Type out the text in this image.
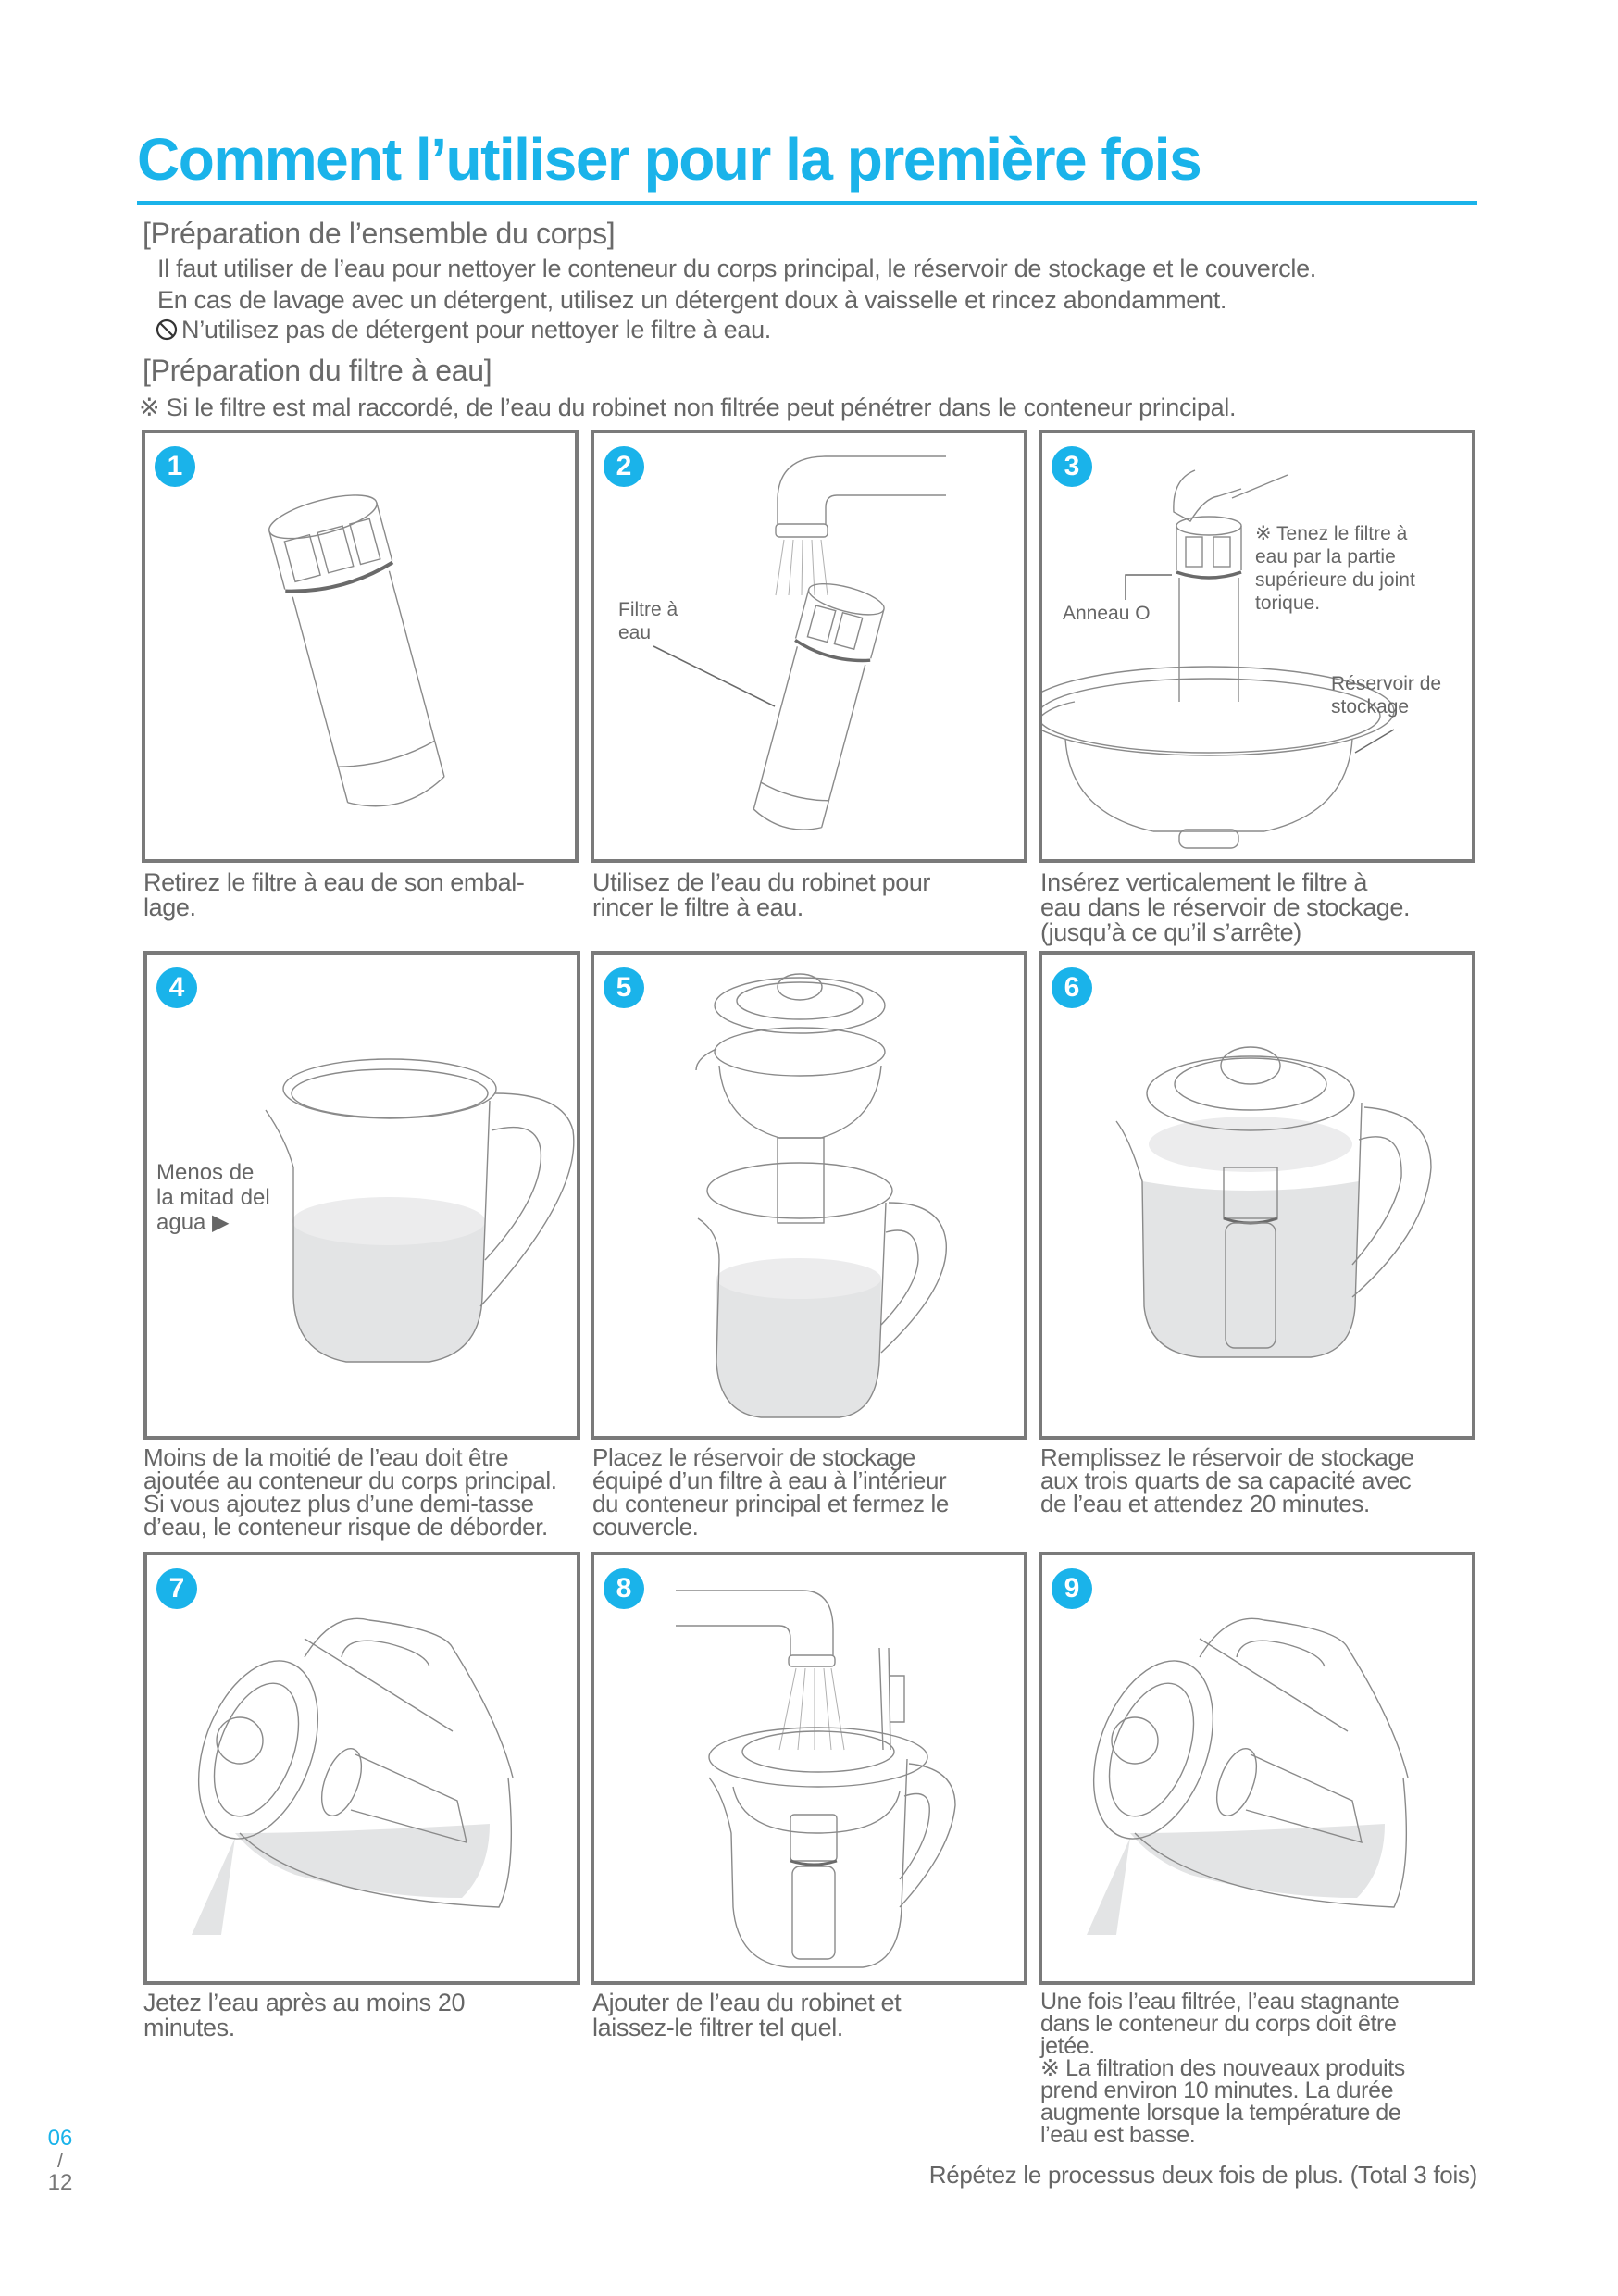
Comment l’utiliser pour la première fois
[Préparation de l’ensemble du corps]
Il faut utiliser de l’eau pour nettoyer le conteneur du corps principal, le réservoir de stockage et le couvercle.
En cas de lavage avec un détergent, utilisez un détergent doux à vaisselle et rincez abondamment.
N’utilisez pas de détergent pour nettoyer le filtre à eau.
[Préparation du filtre à eau]
※ Si le filtre est mal raccordé, de l’eau du robinet non filtrée peut pénétrer dans le conteneur principal.
1
Retirez le filtre à eau de son embal-
lage.
2
Filtre à
eau
Utilisez de l’eau du robinet pour
rincer le filtre à eau.
3
Anneau O
※ Tenez le filtre à
eau par la partie
supérieure du joint
torique.
Réservoir de
stockage
Insérez verticalement le filtre à
eau dans le réservoir de stockage.
(jusqu’à ce qu’il s’arrête)
4
Menos de
la mitad del
agua ▶
Moins de la moitié de l’eau doit être
ajoutée au conteneur du corps principal.
Si vous ajoutez plus d’une demi-tasse
d’eau, le conteneur risque de déborder.
5
Placez le réservoir de stockage
équipé d’un filtre à eau à l’intérieur
du conteneur principal et fermez le
couvercle.
6
Remplissez le réservoir de stockage
aux trois quarts de sa capacité avec
de l’eau et attendez 20 minutes.
7
Jetez l’eau après au moins 20
minutes.
8
Ajouter de l’eau du robinet et
laissez-le filtrer tel quel.
9
Une fois l’eau filtrée, l’eau stagnante
dans le conteneur du corps doit être
jetée.
※ La filtration des nouveaux produits
prend environ 10 minutes. La durée
augmente lorsque la température de
l’eau est basse.
Répétez le processus deux fois de plus. (Total 3 fois)
06
/
12
